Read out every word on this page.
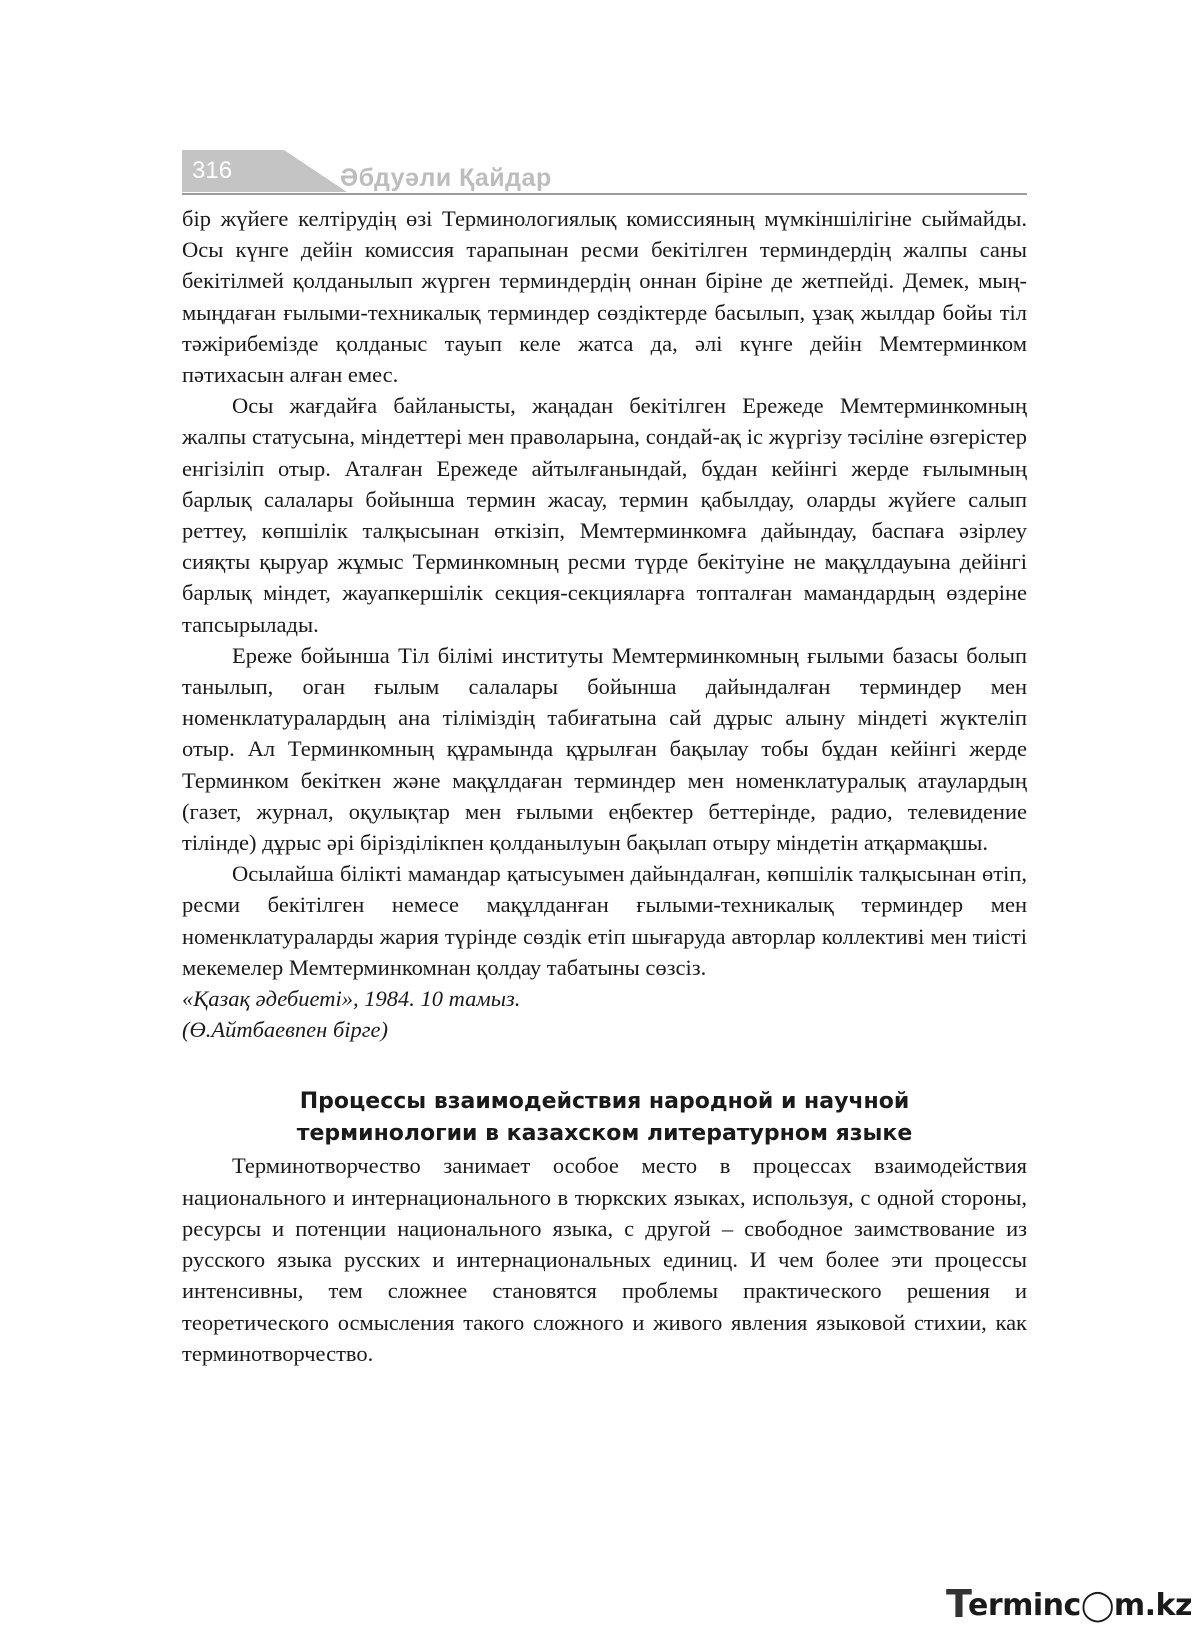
316	Әбдуәли Қайдар

бір жүйеге келтірудің өзі Терминологиялық комиссияның мүмкіншілігіне сыймайды. Осы күнге дейін комиссия тарапынан ресми бекітілген терминдердің жалпы саны бекітілмей қолданылып жүрген терминдердің оннан біріне де жетпейді. Демек, мың-мыңдаған ғылыми-техникалық терминдер сөздіктерде басылып, ұзақ жылдар бойы тіл тәжірибемізде қолданыс тауып келе жатса да, әлі күнге дейін Мемтерминком пәтихасын алған емес.

Осы жағдайға байланысты, жаңадан бекітілген Ережеде Мемтерминкомның жалпы статусына, міндеттері мен праволарына, сондай-ақ іс жүргізу тәсіліне өзгерістер енгізіліп отыр. Аталған Ережеде айтылғанындай, бұдан кейінгі жерде ғылымның барлық салалары бойынша термин жасау, термин қабылдау, оларды жүйеге салып реттеу, көпшілік талқысынан өткізіп, Мемтерминкомға дайындау, баспаға әзірлеу сияқты қыруар жұмыс Терминкомның ресми түрде бекітуіне не мақұлдауына дейінгі барлық міндет, жауапкершілік секция-секцияларға топталған мамандардың өздеріне тапсырылады.

Ереже бойынша Тіл білімі институты Мемтерминкомның ғылыми базасы болып танылып, оган ғылым салалары бойынша дайындалған терминдер мен номенклатуралардың ана тіліміздің табиғатына сай дұрыс алыну міндеті жүктеліп отыр. Ал Терминкомның құрамында құрылған бақылау тобы бұдан кейінгі жерде Терминком бекіткен және мақұлдаған терминдер мен номенклатуралық атаулардың (газет, журнал, оқулықтар мен ғылыми еңбектер беттерінде, радио, телевидение тілінде) дұрыс әрі бірізділікпен қолданылуын бақылап отыру міндетін атқармақшы.

Осылайша білікті мамандар қатысуымен дайындалған, көпшілік талқысынан өтіп, ресми бекітілген немесе мақұлданған ғылыми-техникалық терминдер мен номенклатураларды жария түрінде сөздік етіп шығаруда авторлар коллективі мен тиісті мекемелер Мемтерминкомнан қолдау табатыны сөзсіз.

«Қазақ әдебиеті», 1984. 10 тамыз.

(Ө.Айтбаевпен бірге)

Процессы взаимодействия народной и научной
терминологии в казахском литературном языке

Терминотворчество занимает особое место в процессах взаимодействия национального и интернационального в тюркских языках, используя, с одной стороны, ресурсы и потенции национального языка, с другой – свободное заимствование из русского языка русских и интернациональных единиц. И чем более эти процессы интенсивны, тем сложнее становятся проблемы практического решения и теоретического осмысления такого сложного и живого явления языковой стихии, как терминотворчество.

T
erminc◯m.kz
